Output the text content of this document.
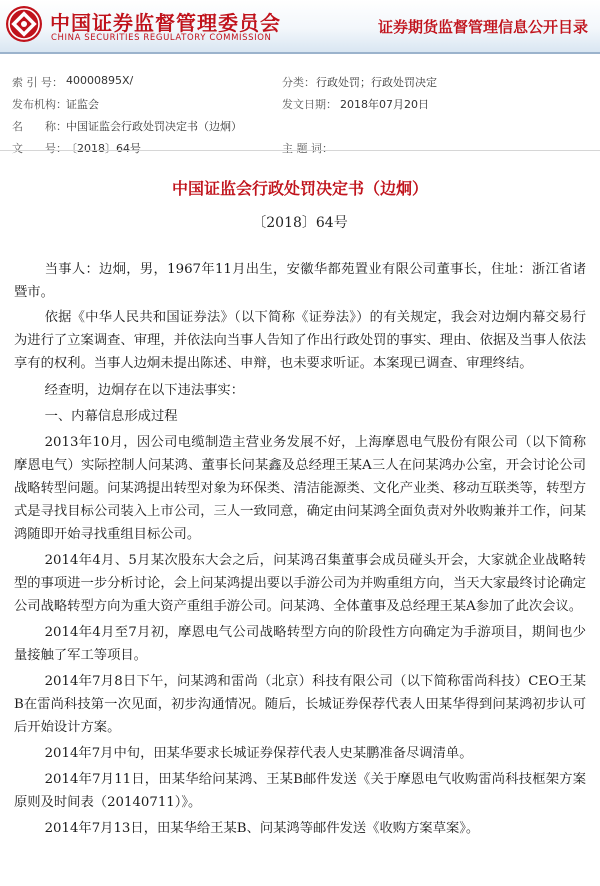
中国证券监督管理委员会
CHINA SECURITIES REGULATORY COMMISSION
证券期货监督管理信息公开目录
索 引 号： 40000895X/	分类： 行政处罚；行政处罚决定
发布机构： 证监会	发文日期： 2018年07月20日
名　　称： 中国证监会行政处罚决定书（边炯）
文　　号： 〔2018〕64号	主 题 词：
中国证监会行政处罚决定书（边炯）
〔2018〕64号

当事人：边炯，男，1967年11月出生，安徽华都苑置业有限公司董事长，住址：浙江省诸暨市。

依据《中华人民共和国证券法》（以下简称《证券法》）的有关规定，我会对边炯内幕交易行为进行了立案调查、审理，并依法向当事人告知了作出行政处罚的事实、理由、依据及当事人依法享有的权利。当事人边炯未提出陈述、申辩，也未要求听证。本案现已调查、审理终结。

经查明，边炯存在以下违法事实：

一、内幕信息形成过程

2013年10月，因公司电缆制造主营业务发展不好，上海摩恩电气股份有限公司（以下简称摩恩电气）实际控制人问某鸿、董事长问某鑫及总经理王某A三人在问某鸿办公室，开会讨论公司战略转型问题。问某鸿提出转型对象为环保类、清洁能源类、文化产业类、移动互联类等，转型方式是寻找目标公司装入上市公司，三人一致同意，确定由问某鸿全面负责对外收购兼并工作，问某鸿随即开始寻找重组目标公司。

2014年4月、5月某次股东大会之后，问某鸿召集董事会成员碰头开会，大家就企业战略转型的事项进一步分析讨论，会上问某鸿提出要以手游公司为并购重组方向，当天大家最终讨论确定公司战略转型方向为重大资产重组手游公司。问某鸿、全体董事及总经理王某A参加了此次会议。

2014年4月至7月初，摩恩电气公司战略转型方向的阶段性方向确定为手游项目，期间也少量接触了军工等项目。

2014年7月8日下午，问某鸿和雷尚（北京）科技有限公司（以下简称雷尚科技）CEO王某B在雷尚科技第一次见面，初步沟通情况。随后，长城证券保荐代表人田某华得到问某鸿初步认可后开始设计方案。

2014年7月中旬，田某华要求长城证券保荐代表人史某鹏准备尽调清单。

2014年7月11日，田某华给问某鸿、王某B邮件发送《关于摩恩电气收购雷尚科技框架方案原则及时间表（20140711）》。

2014年7月13日，田某华给王某B、问某鸿等邮件发送《收购方案草案》。
